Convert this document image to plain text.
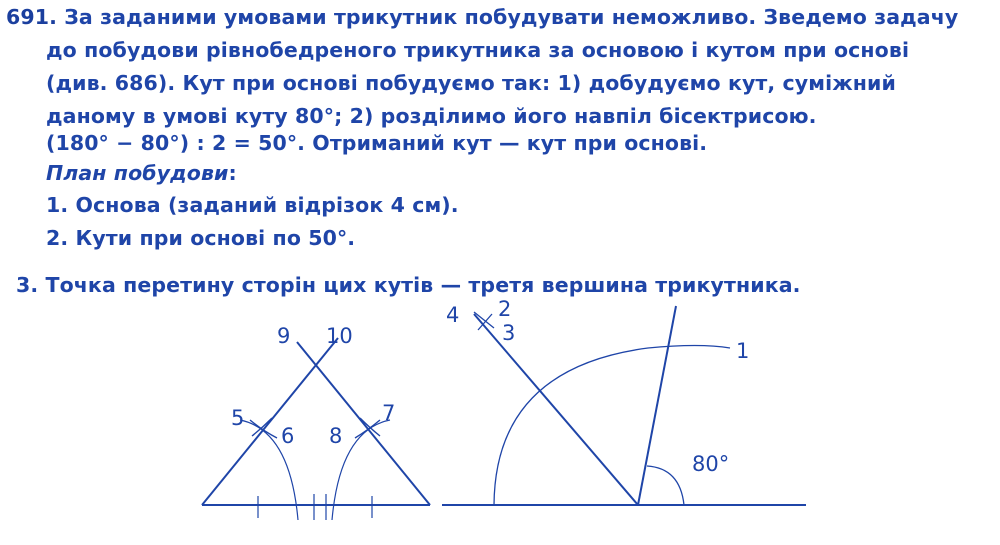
691. За заданими умовами трикутник побудувати неможливо. Зведемо задачу
до побудови рівнобедреного трикутника за основою і кутом при основі
(див. 686). Кут при основі побудуємо так: 1) добудуємо кут, суміжний
даному в умові куту 80°; 2) розділимо його навпіл бісектрисою.
(180° − 80°) : 2 = 50°. Отриманий кут — кут при основі.
План побудови:
1. Основа (заданий відрізок 4 см).
2. Кути при основі по 50°.
3. Точка перетину сторін цих кутів — третя вершина трикутника.
9 10
5
6 8
7
4 2
3
1
80°
